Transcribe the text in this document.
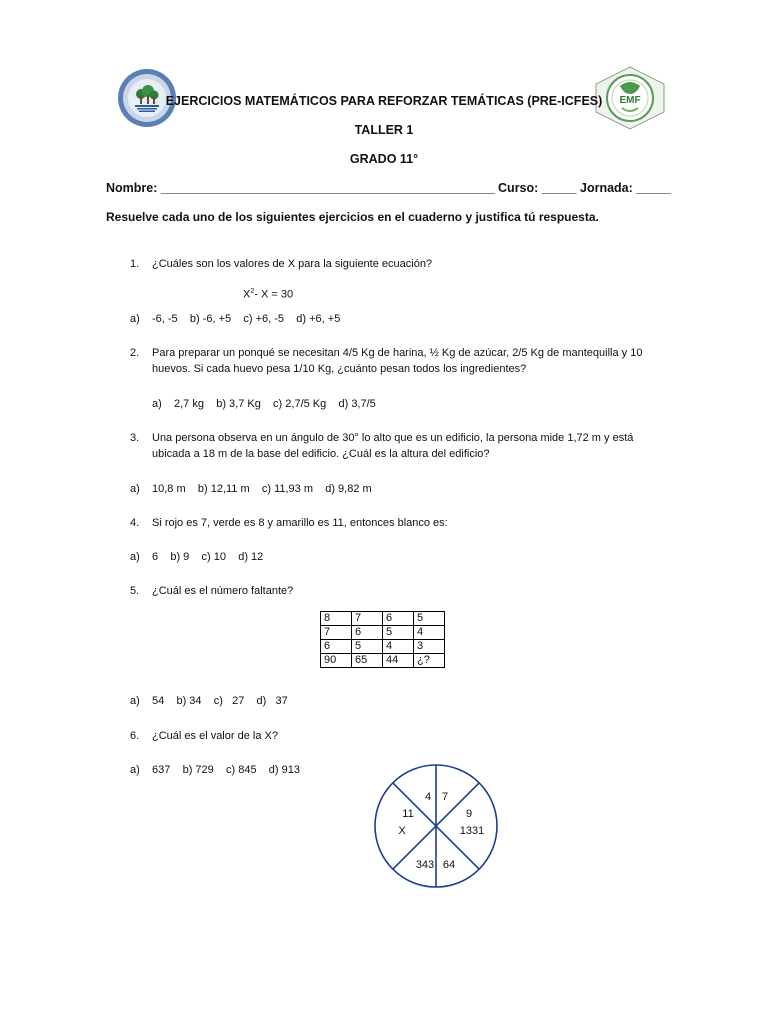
EMF
EJERCICIOS MATEMÁTICOS PARA REFORZAR TEMÁTICAS (PRE-ICFES)
TALLER 1
GRADO 11°
Nombre: ________________________________________________ Curso: _____ Jornada: _____
Resuelve cada uno de los siguientes ejercicios en el cuaderno y justifica tú respuesta.
1. ¿Cuáles son los valores de X para la siguiente ecuación?
$X^2-$ X = 30
a)    -6, -5    b) -6, +5    c) +6, -5    d) +6, +5
2. Para preparar un ponqué se necesitan 4/5 Kg de harina, ½ Kg de azúcar, 2/5 Kg de mantequilla y 10
huevos. Si cada huevo pesa 1/10 Kg, ¿cuánto pesan todos los ingredientes?
a)    2,7 kg    b) 3,7 Kg    c) 2,7/5 Kg    d) 3,7/5
3. Una persona observa en un ángulo de 30° lo alto que es un edificio, la persona mide 1,72 m y está
ubicada a 18 m de la base del edificio. ¿Cuál es la altura del edificio?
a)    10,8 m    b) 12,11 m    c) 11,93 m    d) 9,82 m
4. Si rojo es 7, verde es 8 y amarillo es 11, entonces blanco es:
a)    6    b) 9    c) 10    d) 12
5. ¿Cuál es el número faltante?
8	7	6	5
7	6	5	4
6	5	4	3
90	65	44	¿?
a)    54    b) 34    c)   27    d)   37
6. ¿Cuál es el valor de la X?
a)    637    b) 729    c) 845    d) 913
4 7
11	9
X	1331
343 64
